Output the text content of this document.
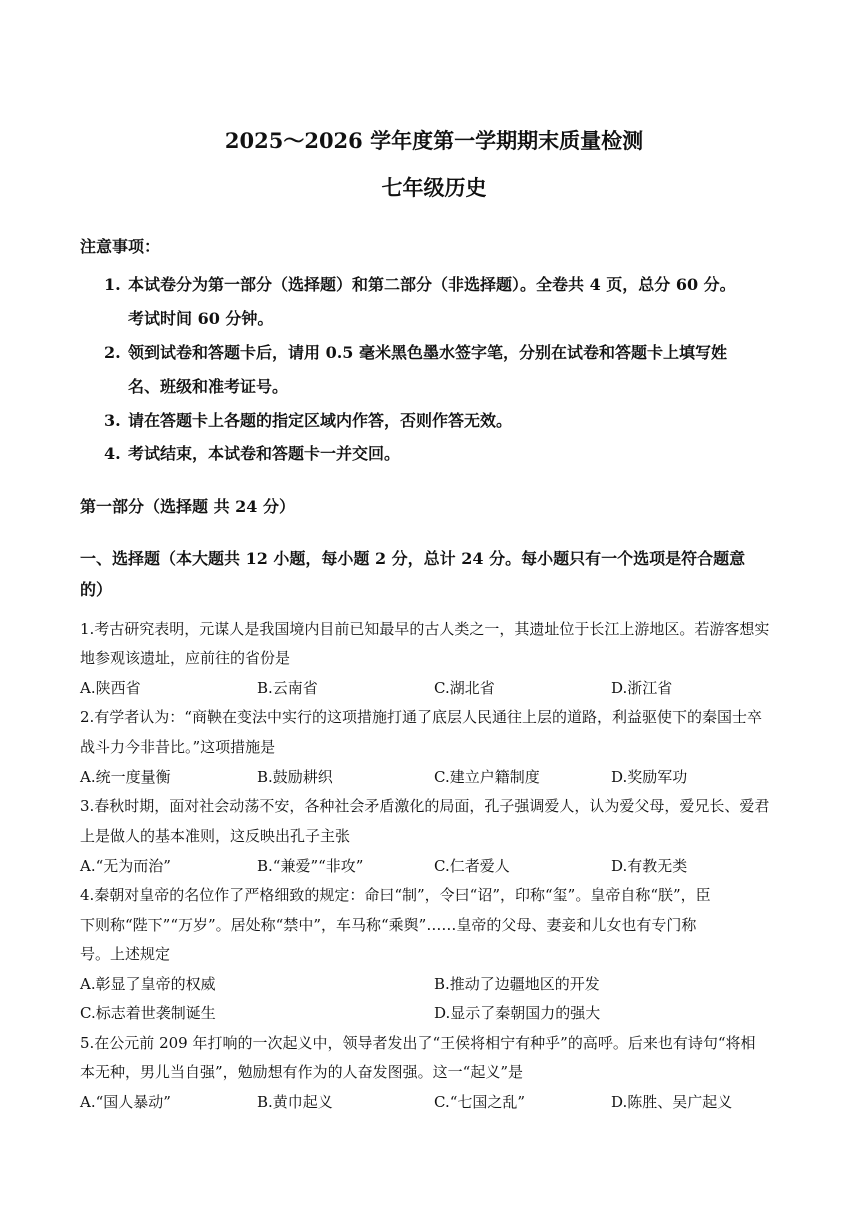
2025～2026 学年度第一学期期末质量检测
七年级历史
注意事项：
1. 本试卷分为第一部分（选择题）和第二部分（非选择题）。全卷共 4 页，总分 60 分。
考试时间 60 分钟。
2. 领到试卷和答题卡后，请用 0.5 毫米黑色墨水签字笔，分别在试卷和答题卡上填写姓
名、班级和准考证号。
3. 请在答题卡上各题的指定区域内作答，否则作答无效。
4. 考试结束，本试卷和答题卡一并交回。
第一部分（选择题 共 24 分）
一、选择题（本大题共 12 小题，每小题 2 分，总计 24 分。每小题只有一个选项是符合题意
的）
1.考古研究表明，元谋人是我国境内目前已知最早的古人类之一，其遗址位于长江上游地区。若游客想实
地参观该遗址，应前往的省份是
A.陕西省	B.云南省	C.湖北省	D.浙江省
2.有学者认为：“商鞅在变法中实行的这项措施打通了底层人民通往上层的道路，利益驱使下的秦国士卒
战斗力今非昔比。”这项措施是
A.统一度量衡	B.鼓励耕织	C.建立户籍制度	D.奖励军功
3.春秋时期，面对社会动荡不安，各种社会矛盾激化的局面，孔子强调爱人，认为爱父母，爱兄长、爱君
上是做人的基本准则，这反映出孔子主张
A.“无为而治”	B.“兼爱”“非攻”	C.仁者爱人	D.有教无类
4.秦朝对皇帝的名位作了严格细致的规定：命曰“制”，令曰“诏”，印称“玺”。皇帝自称“朕”，臣
下则称“陛下”“万岁”。居处称“禁中”，车马称“乘舆”……皇帝的父母、妻妾和儿女也有专门称
号。上述规定
A.彰显了皇帝的权威	B.推动了边疆地区的开发
C.标志着世袭制诞生	D.显示了秦朝国力的强大
5.在公元前 209 年打响的一次起义中，领导者发出了“王侯将相宁有种乎”的高呼。后来也有诗句“将相
本无种，男儿当自强”，勉励想有作为的人奋发图强。这一“起义”是
A.“国人暴动”	B.黄巾起义	C.“七国之乱”	D.陈胜、吴广起义
